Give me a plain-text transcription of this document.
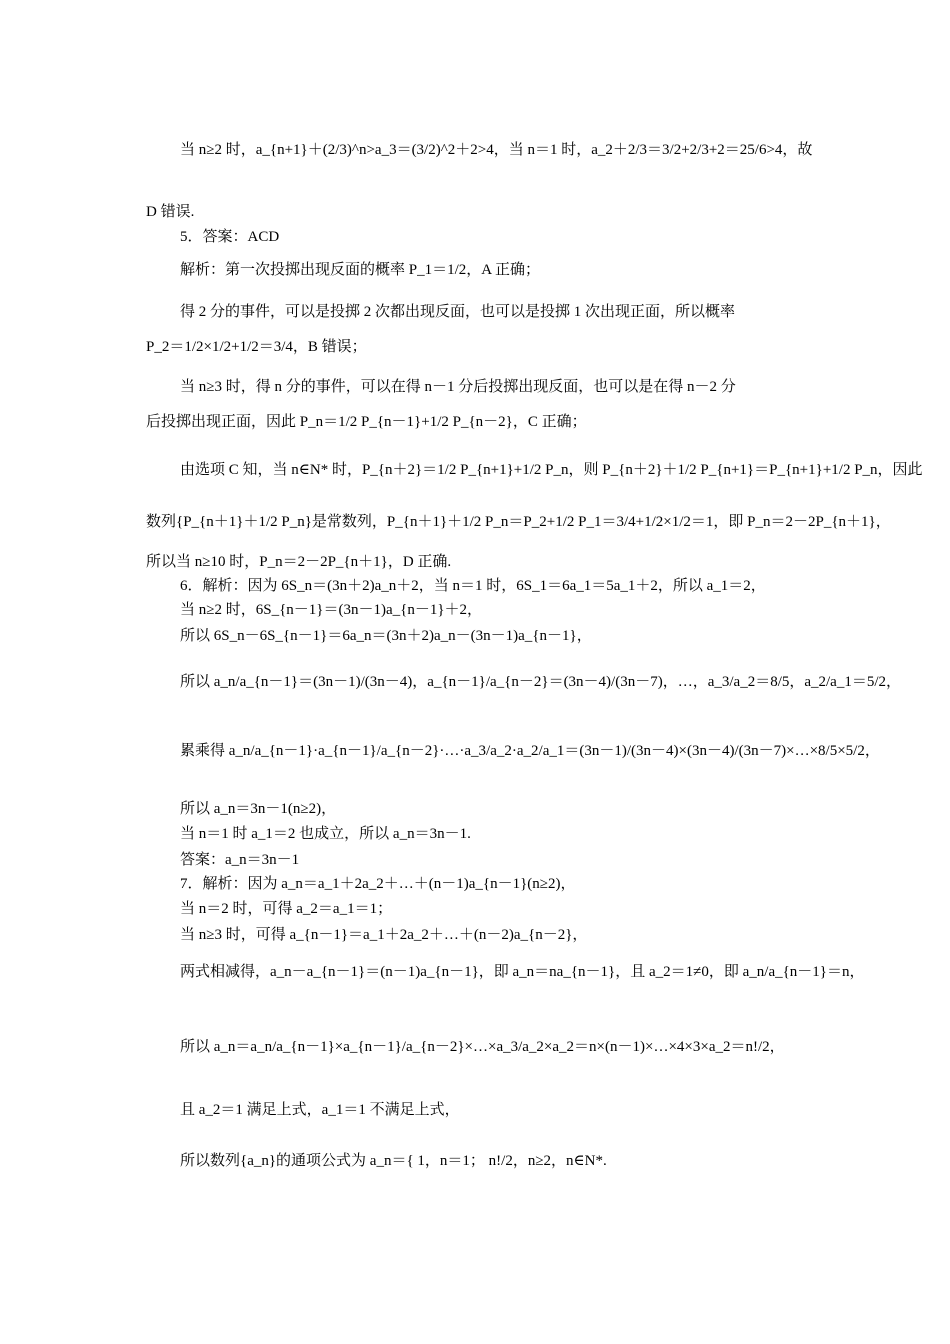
当 n≥2 时，a_{n+1}＋(2/3)^n>a_3＝(3/2)^2＋2>4，当 n＝1 时，a_2＋2/3＝3/2+2/3+2＝25/6>4，故
D 错误.
5．答案：ACD
解析：第一次投掷出现反面的概率 P_1＝1/2，A 正确；
得 2 分的事件，可以是投掷 2 次都出现反面，也可以是投掷 1 次出现正面，所以概率
P_2＝1/2×1/2+1/2＝3/4，B 错误；
当 n≥3 时，得 n 分的事件，可以在得 n－1 分后投掷出现反面，也可以是在得 n－2 分
后投掷出现正面，因此 P_n＝1/2 P_{n－1}+1/2 P_{n－2}，C 正确；
由选项 C 知，当 n∈N* 时，P_{n＋2}＝1/2 P_{n+1}+1/2 P_n，则 P_{n＋2}＋1/2 P_{n+1}＝P_{n+1}+1/2 P_n，因此
数列{P_{n＋1}＋1/2 P_n}是常数列，P_{n＋1}＋1/2 P_n＝P_2+1/2 P_1＝3/4+1/2×1/2＝1，即 P_n＝2－2P_{n＋1}，
所以当 n≥10 时，P_n＝2－2P_{n＋1}，D 正确.
6．解析：因为 6S_n＝(3n＋2)a_n＋2，当 n＝1 时，6S_1＝6a_1＝5a_1＋2，所以 a_1＝2，
当 n≥2 时，6S_{n－1}＝(3n－1)a_{n－1}＋2，
所以 6S_n－6S_{n－1}＝6a_n＝(3n＋2)a_n－(3n－1)a_{n－1}，
所以 a_n/a_{n－1}＝(3n－1)/(3n－4)，a_{n－1}/a_{n－2}＝(3n－4)/(3n－7)，…，a_3/a_2＝8/5，a_2/a_1＝5/2，
累乘得 a_n/a_{n－1}·a_{n－1}/a_{n－2}·…·a_3/a_2·a_2/a_1＝(3n－1)/(3n－4)×(3n－4)/(3n－7)×…×8/5×5/2，
所以 a_n＝3n－1(n≥2)，
当 n＝1 时 a_1＝2 也成立，所以 a_n＝3n－1.
答案：a_n＝3n－1
7．解析：因为 a_n＝a_1＋2a_2＋…＋(n－1)a_{n－1}(n≥2)，
当 n＝2 时，可得 a_2＝a_1＝1；
当 n≥3 时，可得 a_{n－1}＝a_1＋2a_2＋…＋(n－2)a_{n－2}，
两式相减得，a_n－a_{n－1}＝(n－1)a_{n－1}，即 a_n＝na_{n－1}，且 a_2＝1≠0，即 a_n/a_{n－1}＝n，
所以 a_n＝a_n/a_{n－1}×a_{n－1}/a_{n－2}×…×a_3/a_2×a_2＝n×(n－1)×…×4×3×a_2＝n!/2，
且 a_2＝1 满足上式，a_1＝1 不满足上式，
所以数列{a_n}的通项公式为 a_n＝{ 1，n＝1； n!/2，n≥2，n∈N*.
